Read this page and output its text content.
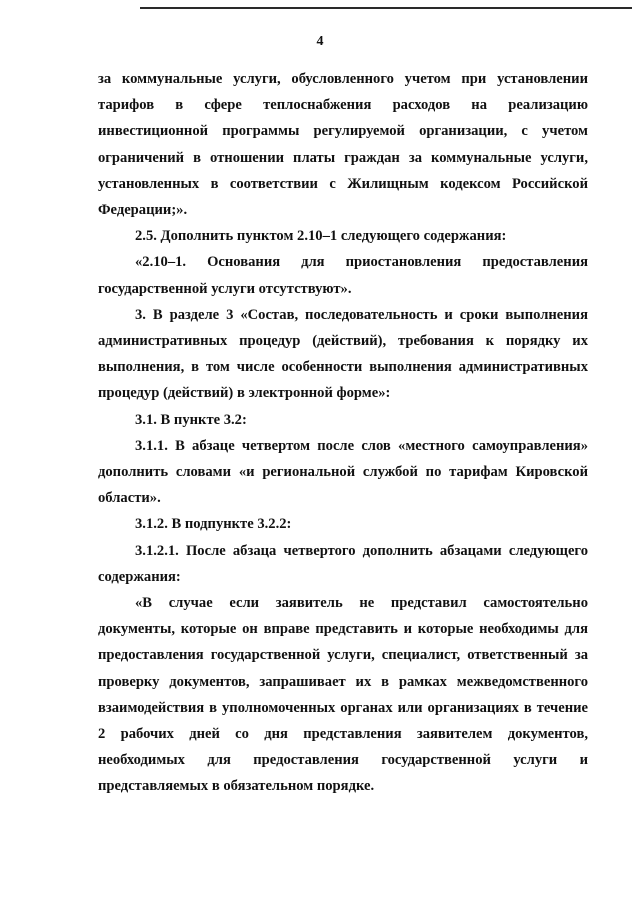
4

за коммунальные услуги, обусловленного учетом при установлении тарифов в сфере теплоснабжения расходов на реализацию инвестиционной программы регулируемой организации, с учетом ограничений в отношении платы граждан за коммунальные услуги, установленных в соответствии с Жилищным кодексом Российской Федерации;».

2.5. Дополнить пунктом 2.10–1 следующего содержания:

«2.10–1. Основания для приостановления предоставления государственной услуги отсутствуют».

3. В разделе 3 «Состав, последовательность и сроки выполнения административных процедур (действий), требования к порядку их выполнения, в том числе особенности выполнения административных процедур (действий) в электронной форме»:

3.1. В пункте 3.2:

3.1.1. В абзаце четвертом после слов «местного самоуправления» дополнить словами «и региональной службой по тарифам Кировской области».

3.1.2. В подпункте 3.2.2:

3.1.2.1. После абзаца четвертого дополнить абзацами следующего содержания:

«В случае если заявитель не представил самостоятельно документы, которые он вправе представить и которые необходимы для предоставления государственной услуги, специалист, ответственный за проверку документов, запрашивает их в рамках межведомственного взаимодействия в уполномоченных органах или организациях в течение 2 рабочих дней со дня представления заявителем документов, необходимых для предоставления государственной услуги и представляемых в обязательном порядке.
